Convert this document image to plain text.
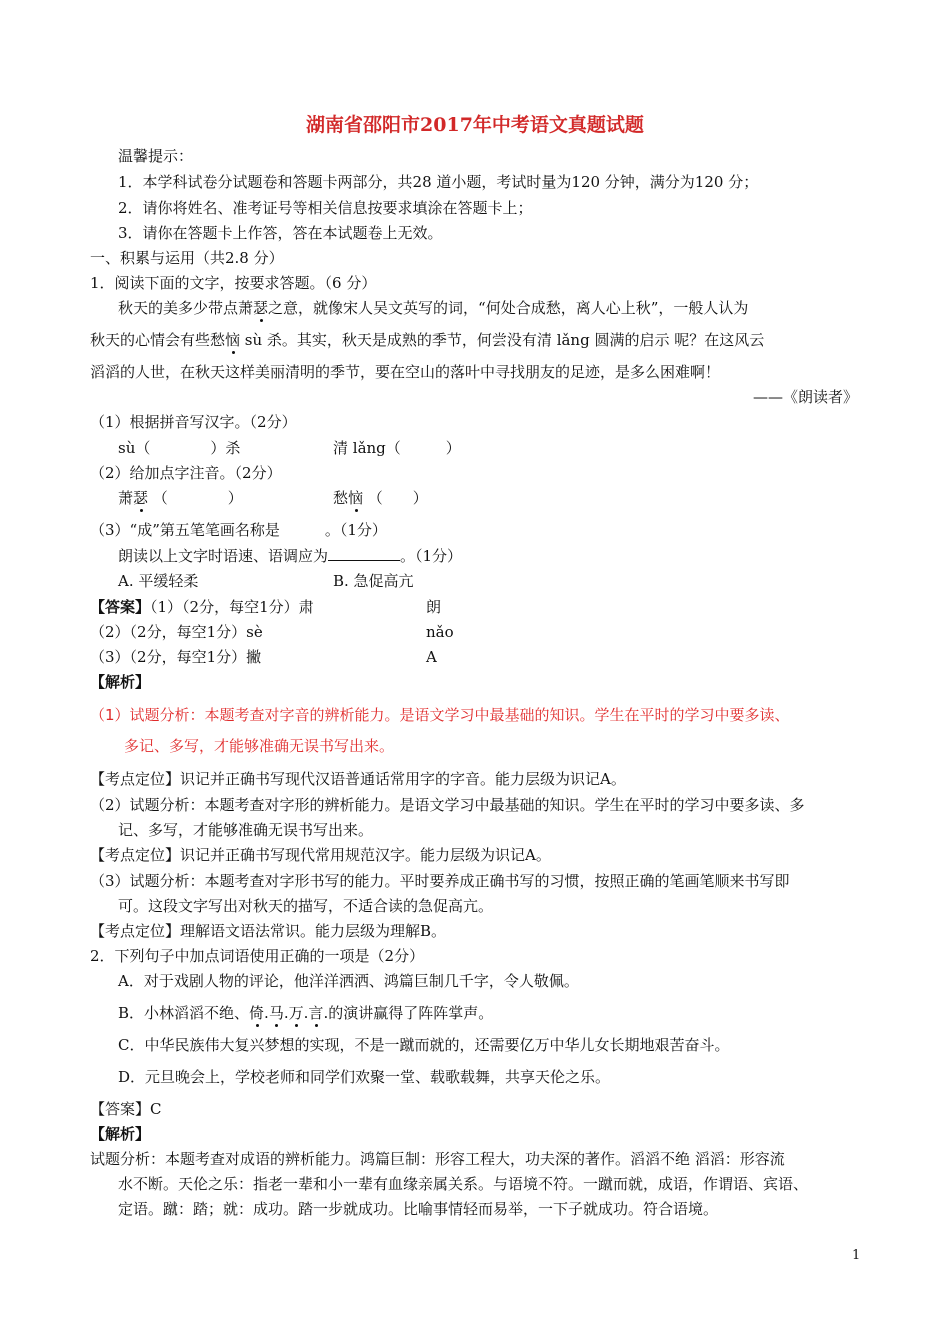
湖南省邵阳市2017年中考语文真题试题
温馨提示：
1．本学科试卷分试题卷和答题卡两部分，共28 道小题，考试时量为120 分钟，满分为120 分；
2．请你将姓名、准考证号等相关信息按要求填涂在答题卡上；
3．请你在答题卡上作答，答在本试题卷上无效。
一、积累与运用（共2.8 分）
1．阅读下面的文字，按要求答题。（6 分）
秋天的美多少带点萧瑟之意，就像宋人吴文英写的词，“何处合成愁，离人心上秋”，一般人认为
秋天的心情会有些愁恼 sù 杀。其实，秋天是成熟的季节，何尝没有清 lǎng 圆满的启示 呢？在这风云
滔滔的人世，在秋天这样美丽清明的季节，要在空山的落叶中寻找朋友的足迹，是多么困难啊！
——《朗读者》
（1）根据拼音写汉字。（2分）
sù（　　　　）杀	清 lǎng（　　　）
（2）给加点字注音。（2分）
萧瑟 （　　　　）	愁恼 （　　）
（3）“成”第五笔笔画名称是　　　。（1分）
朗读以上文字时语速、语调应为	。（1分）
A. 平缓轻柔	B. 急促高亢
【答案】（1）（2分，每空1分）肃	朗
（2）（2分，每空1分）sè	nǎo
（3）（2分，每空1分）撇	A
【解析】
（1）试题分析：本题考查对字音的辨析能力。是语文学习中最基础的知识。学生在平时的学习中要多读、
多记、多写，才能够准确无误书写出来。
【考点定位】识记并正确书写现代汉语普通话常用字的字音。能力层级为识记A。
（2）试题分析：本题考查对字形的辨析能力。是语文学习中最基础的知识。学生在平时的学习中要多读、多
记、多写，才能够准确无误书写出来。
【考点定位】识记并正确书写现代常用规范汉字。能力层级为识记A。
（3）试题分析：本题考查对字形书写的能力。平时要养成正确书写的习惯，按照正确的笔画笔顺来书写即
可。这段文字写出对秋天的描写，不适合读的急促高亢。
【考点定位】理解语文语法常识。能力层级为理解B。
2．下列句子中加点词语使用正确的一项是（2分）
A．对于戏剧人物的评论，他洋洋洒洒、鸿篇巨制几千字，令人敬佩。
B．小林滔滔不绝、倚.马.万.言.的演讲赢得了阵阵掌声。
C．中华民族伟大复兴梦想的实现，不是一蹴而就的，还需要亿万中华儿女长期地艰苦奋斗。
D．元旦晚会上，学校老师和同学们欢聚一堂、载歌载舞，共享天伦之乐。
【答案】C
【解析】
试题分析：本题考查对成语的辨析能力。鸿篇巨制：形容工程大，功夫深的著作。滔滔不绝 滔滔：形容流
水不断。天伦之乐：指老一辈和小一辈有血缘亲属关系。与语境不符。一蹴而就，成语，作谓语、宾语、
定语。蹴：踏；就：成功。踏一步就成功。比喻事情轻而易举，一下子就成功。符合语境。
1
